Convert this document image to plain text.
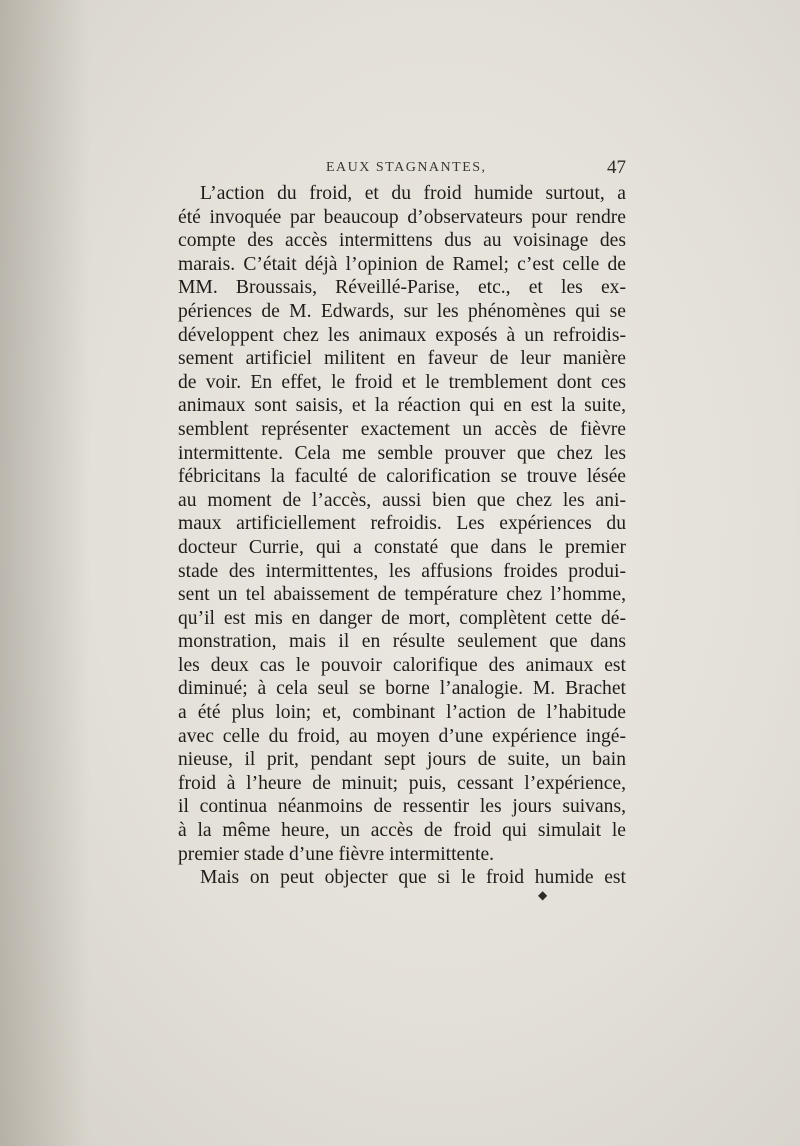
EAUX STAGNANTES,	47
L’action du froid, et du froid humide surtout, a
été invoquée par beaucoup d’observateurs pour rendre
compte des accès intermittens dus au voisinage des
marais. C’était déjà l’opinion de Ramel; c’est celle de
MM. Broussais, Réveillé-Parise, etc., et les ex-
périences de M. Edwards, sur les phénomènes qui se
développent chez les animaux exposés à un refroidis-
sement artificiel militent en faveur de leur manière
de voir. En effet, le froid et le tremblement dont ces
animaux sont saisis, et la réaction qui en est la suite,
semblent représenter exactement un accès de fièvre
intermittente. Cela me semble prouver que chez les
fébricitans la faculté de calorification se trouve lésée
au moment de l’accès, aussi bien que chez les ani-
maux artificiellement refroidis. Les expériences du
docteur Currie, qui a constaté que dans le premier
stade des intermittentes, les affusions froides produi-
sent un tel abaissement de température chez l’homme,
qu’il est mis en danger de mort, complètent cette dé-
monstration, mais il en résulte seulement que dans
les deux cas le pouvoir calorifique des animaux est
diminué; à cela seul se borne l’analogie. M. Brachet
a été plus loin; et, combinant l’action de l’habitude
avec celle du froid, au moyen d’une expérience ingé-
nieuse, il prit, pendant sept jours de suite, un bain
froid à l’heure de minuit; puis, cessant l’expérience,
il continua néanmoins de ressentir les jours suivans,
à la même heure, un accès de froid qui simulait le
premier stade d’une fièvre intermittente.
Mais on peut objecter que si le froid humide est
◆
